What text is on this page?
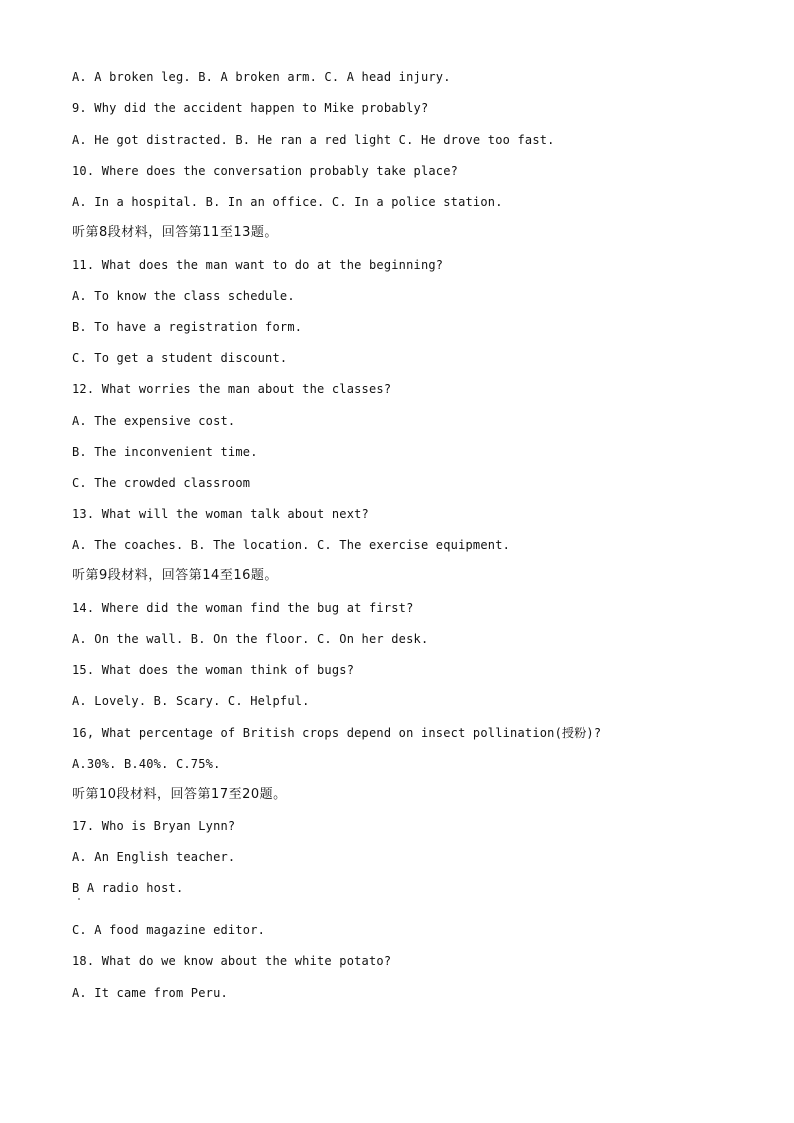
A. A broken leg. B. A broken arm. C. A head injury.
9. Why did the accident happen to Mike probably?
A. He got distracted. B. He ran a red light C. He drove too fast.
10. Where does the conversation probably take place?
A. In a hospital. B. In an office. C. In a police station.
听第8段材料，回答第11至13题。
11. What does the man want to do at the beginning?
A. To know the class schedule.
B. To have a registration form.
C. To get a student discount.
12. What worries the man about the classes?
A. The expensive cost.
B. The inconvenient time.
C. The crowded classroom
13. What will the woman talk about next?
A. The coaches. B. The location. C. The exercise equipment.
听第9段材料，回答第14至16题。
14. Where did the woman find the bug at first?
A. On the wall. B. On the floor. C. On her desk.
15. What does the woman think of bugs?
A. Lovely. B. Scary. C. Helpful.
16, What percentage of British crops depend on insect pollination(授粉)?
A.30%. B.40%. C.75%.
听第10段材料，回答第17至20题。
17. Who is Bryan Lynn?
A. An English teacher.
B A radio host.
C. A food magazine editor.
18. What do we know about the white potato?
A. It came from Peru.
